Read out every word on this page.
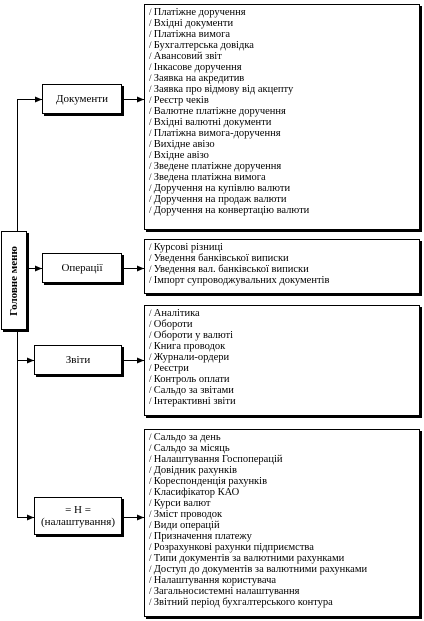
Головне меню
Документи
Операції
Звіти
= Н =
(налаштування)
/ Платіжне доручення
/ Вхідні документи
/ Платіжна вимога
/ Бухгалтерська довідка
/ Авансовий звіт
/ Інкасове доручення
/ Заявка на акредитив
/ Заявка про відмову від акцепту
/ Реєстр чеків
/ Валютне платіжне доручення
/ Вхідні валютні документи
/ Платіжна вимога-доручення
/ Вихідне авізо
/ Вхідне авізо
/ Зведене платіжне доручення
/ Зведена платіжна вимога
/ Доручення на купівлю валюти
/ Доручення на продаж валюти
/ Доручення на конвертацію валюти
/ Курсові різниці
/ Уведення банківської виписки
/ Уведення вал. банківської виписки
/ Імпорт супроводжувальних документів
/ Аналітика
/ Обороти
/ Обороти у валюті
/ Книга проводок
/ Журнали-ордери
/ Реєстри
/ Контроль оплати
/ Сальдо за звітами
/ Інтерактивні звіти
/ Сальдо за день
/ Сальдо за місяць
/ Налаштування Госпоперацій
/ Довідник рахунків
/ Кореспонденція рахунків
/ Класифікатор КАО
/ Курси валют
/ Зміст проводок
/ Види операцій
/ Призначення платежу
/ Розрахункові рахунки підприємства
/ Типи документів за валютними рахунками
/ Доступ до документів за валютними рахунками
/ Налаштування користувача
/ Загальносистемні налаштування
/ Звітний період бухгалтерського контура
